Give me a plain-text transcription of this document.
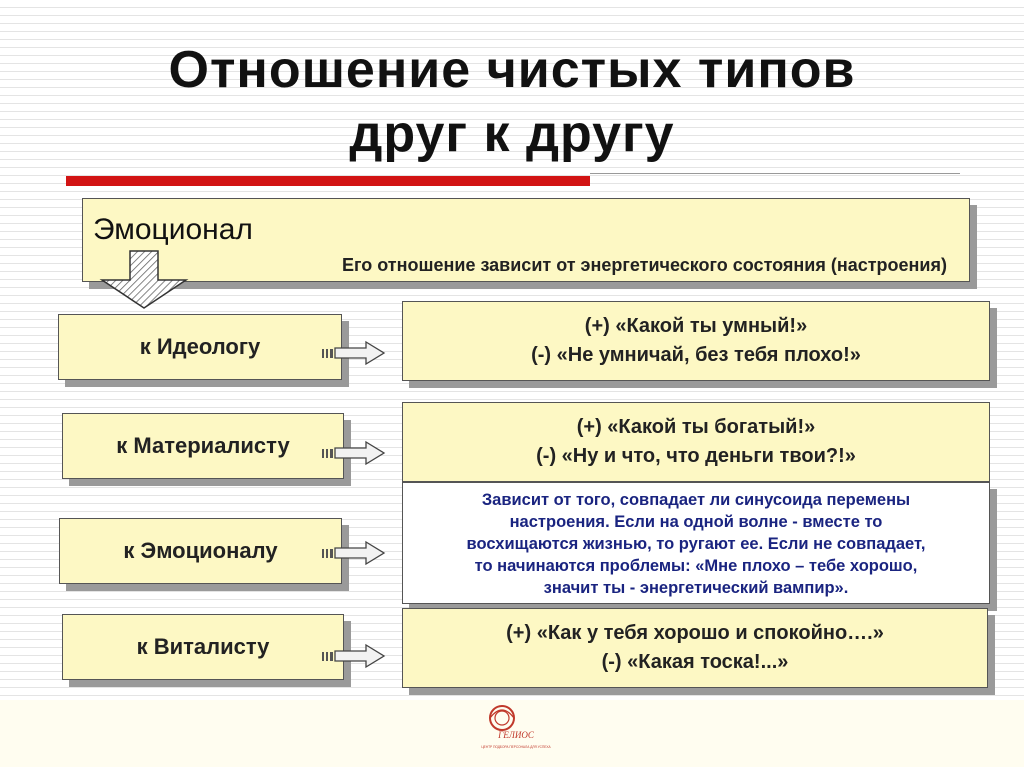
Отношение чистых типов
друг к другу
Эмоционал
Его отношение зависит от энергетического состояния (настроения)
к Идеологу
к Материалисту
к Эмоционалу
к Виталисту
(+) «Какой ты умный!»
(-) «Не умничай, без тебя плохо!»
(+) «Какой ты богатый!»
(-) «Ну и что, что деньги твои?!»
Зависит от того, совпадает ли синусоида перемены
настроения. Если на одной волне - вместе то
восхищаются жизнью, то ругают ее. Если не совпадает,
то начинаются проблемы: «Мне плохо – тебе хорошо,
значит ты - энергетический вампир».
(+) «Как у тебя хорошо и спокойно….»
(-) «Какая тоска!...»
ГЕЛИОС
ЦЕНТР ПОДБОРА ПЕРСОНАЛА ДЛЯ УСПЕХА
